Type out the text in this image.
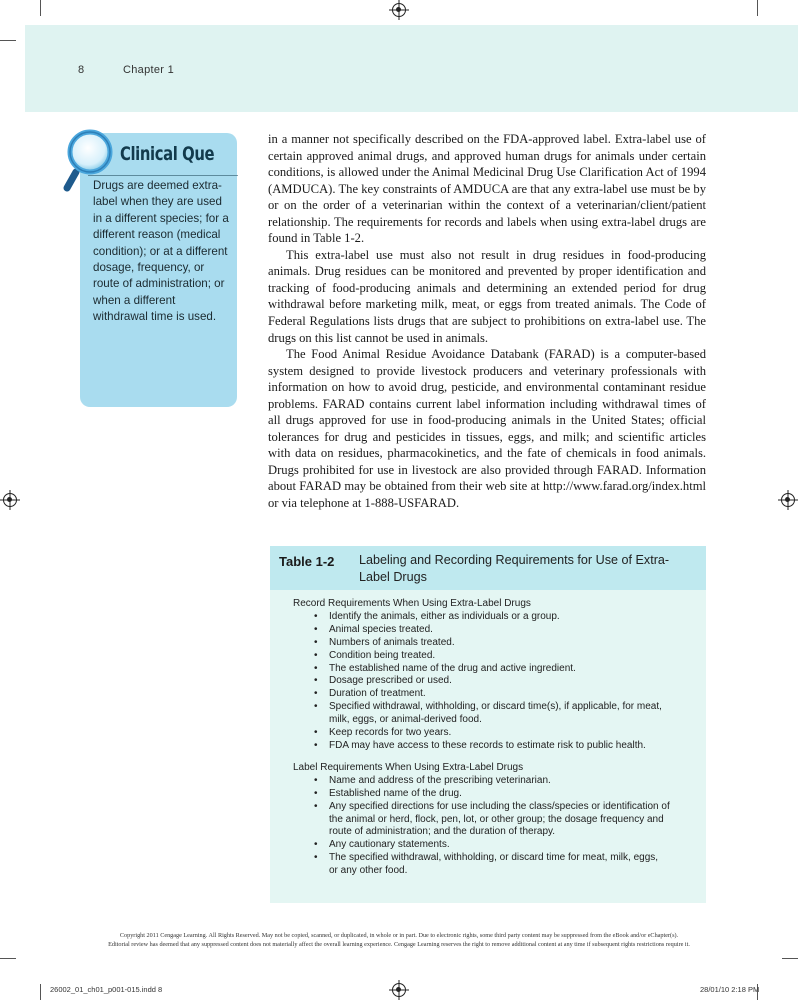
8	Chapter 1
Clinical Que
Drugs are deemed extra-label when they are used in a different species; for a different reason (medical condition); or at a different dosage, frequency, or route of administration; or when a different withdrawal time is used.

in a manner not specifically described on the FDA-approved label. Extra-label use of certain approved animal drugs, and approved human drugs for animals under certain conditions, is allowed under the Animal Medicinal Drug Use Clarification Act of 1994 (AMDUCA). The key constraints of AMDUCA are that any extra-label use must be by or on the order of a veterinarian within the context of a veterinarian/client/patient relationship. The requirements for records and labels when using extra-label drugs are found in Table 1-2.

This extra-label use must also not result in drug residues in food-producing animals. Drug residues can be monitored and prevented by proper identification and tracking of food-producing animals and determining an extended period for drug withdrawal before marketing milk, meat, or eggs from treated animals. The Code of Federal Regulations lists drugs that are subject to prohibitions on extra-label use. The drugs on this list cannot be used in animals.

The Food Animal Residue Avoidance Databank (FARAD) is a computer-based system designed to provide livestock producers and veterinary professionals with information on how to avoid drug, pesticide, and environmental contaminant residue problems. FARAD contains current label information including withdrawal times of all drugs approved for use in food-producing animals in the United States; official tolerances for drug and pesticides in tissues, eggs, and milk; and scientific articles with data on residues, pharmacokinetics, and the fate of chemicals in food animals. Drugs prohibited for use in livestock are also provided through FARAD. Information about FARAD may be obtained from their web site at http://www.farad.org/index.html or via telephone at 1-888-USFARAD.

Table 1-2 Labeling and Recording Requirements for Use of Extra-Label Drugs
Record Requirements When Using Extra-Label Drugs
• Identify the animals, either as individuals or a group.
• Animal species treated.
• Numbers of animals treated.
• Condition being treated.
• The established name of the drug and active ingredient.
• Dosage prescribed or used.
• Duration of treatment.
• Specified withdrawal, withholding, or discard time(s), if applicable, for meat, milk, eggs, or animal-derived food.
• Keep records for two years.
• FDA may have access to these records to estimate risk to public health.
Label Requirements When Using Extra-Label Drugs
• Name and address of the prescribing veterinarian.
• Established name of the drug.
• Any specified directions for use including the class/species or identification of the animal or herd, flock, pen, lot, or other group; the dosage frequency and route of administration; and the duration of therapy.
• Any cautionary statements.
• The specified withdrawal, withholding, or discard time for meat, milk, eggs, or any other food.
Copyright 2011 Cengage Learning. All Rights Reserved. May not be copied, scanned, or duplicated, in whole or in part. Due to electronic rights, some third party content may be suppressed from the eBook and/or eChapter(s).
Editorial review has deemed that any suppressed content does not materially affect the overall learning experience. Cengage Learning reserves the right to remove additional content at any time if subsequent rights restrictions require it.
26002_01_ch01_p001-015.indd 8	28/01/10 2:18 PM
